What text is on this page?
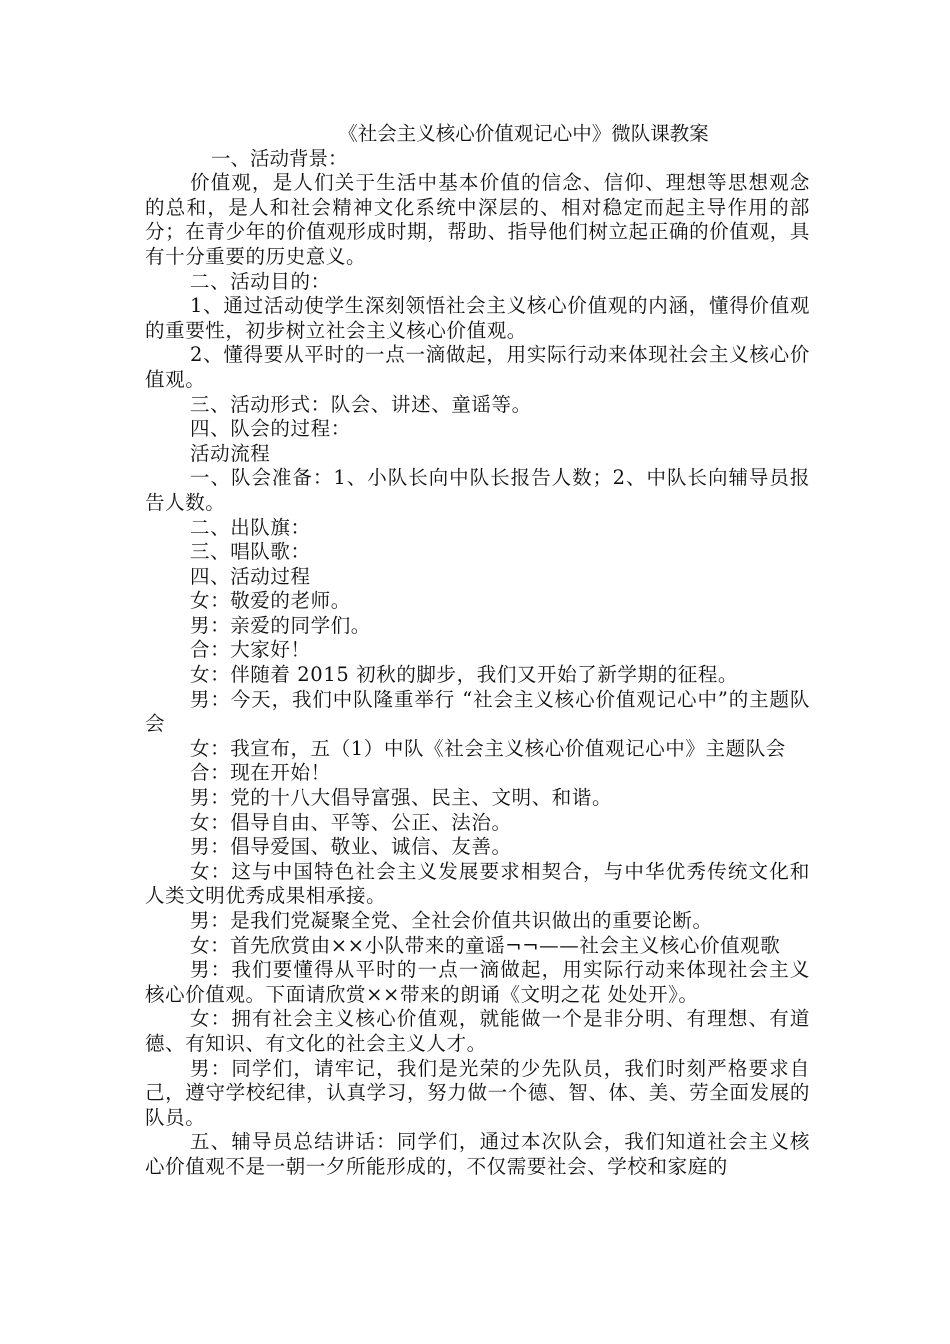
《社会主义核心价值观记心中》微队课教案

一、活动背景：

价值观，是人们关于生活中基本价值的信念、信仰、理想等思想观念的总和，是人和社会精神文化系统中深层的、相对稳定而起主导作用的部分；在青少年的价值观形成时期，帮助、指导他们树立起正确的价值观，具有十分重要的历史意义。

二、活动目的：

1、通过活动使学生深刻领悟社会主义核心价值观的内涵，懂得价值观的重要性，初步树立社会主义核心价值观。

2、懂得要从平时的一点一滴做起，用实际行动来体现社会主义核心价值观。

三、活动形式：队会、讲述、童谣等。

四、队会的过程：

活动流程

一、队会准备：1、小队长向中队长报告人数；2、中队长向辅导员报告人数。

二、出队旗：

三、唱队歌：

四、活动过程

女：敬爱的老师。

男：亲爱的同学们。

合：大家好！

女：伴随着 2015 初秋的脚步，我们又开始了新学期的征程。

男：今天，我们中队隆重举行 “社会主义核心价值观记心中”的主题队会

女：我宣布，五（1）中队《社会主义核心价值观记心中》主题队会

合：现在开始！

男：党的十八大倡导富强、民主、文明、和谐。

女：倡导自由、平等、公正、法治。

男：倡导爱国、敬业、诚信、友善。

女：这与中国特色社会主义发展要求相契合，与中华优秀传统文化和人类文明优秀成果相承接。

男：是我们党凝聚全党、全社会价值共识做出的重要论断。

女：首先欣赏由××小队带来的童谣¬¬——社会主义核心价值观歌

男：我们要懂得从平时的一点一滴做起，用实际行动来体现社会主义核心价值观。下面请欣赏××带来的朗诵《文明之花 处处开》。

女：拥有社会主义核心价值观，就能做一个是非分明、有理想、有道德、有知识、有文化的社会主义人才。

男：同学们，请牢记，我们是光荣的少先队员，我们时刻严格要求自己，遵守学校纪律，认真学习，努力做一个德、智、体、美、劳全面发展的队员。

五、辅导员总结讲话：同学们，通过本次队会，我们知道社会主义核心价值观不是一朝一夕所能形成的，不仅需要社会、学校和家庭的
